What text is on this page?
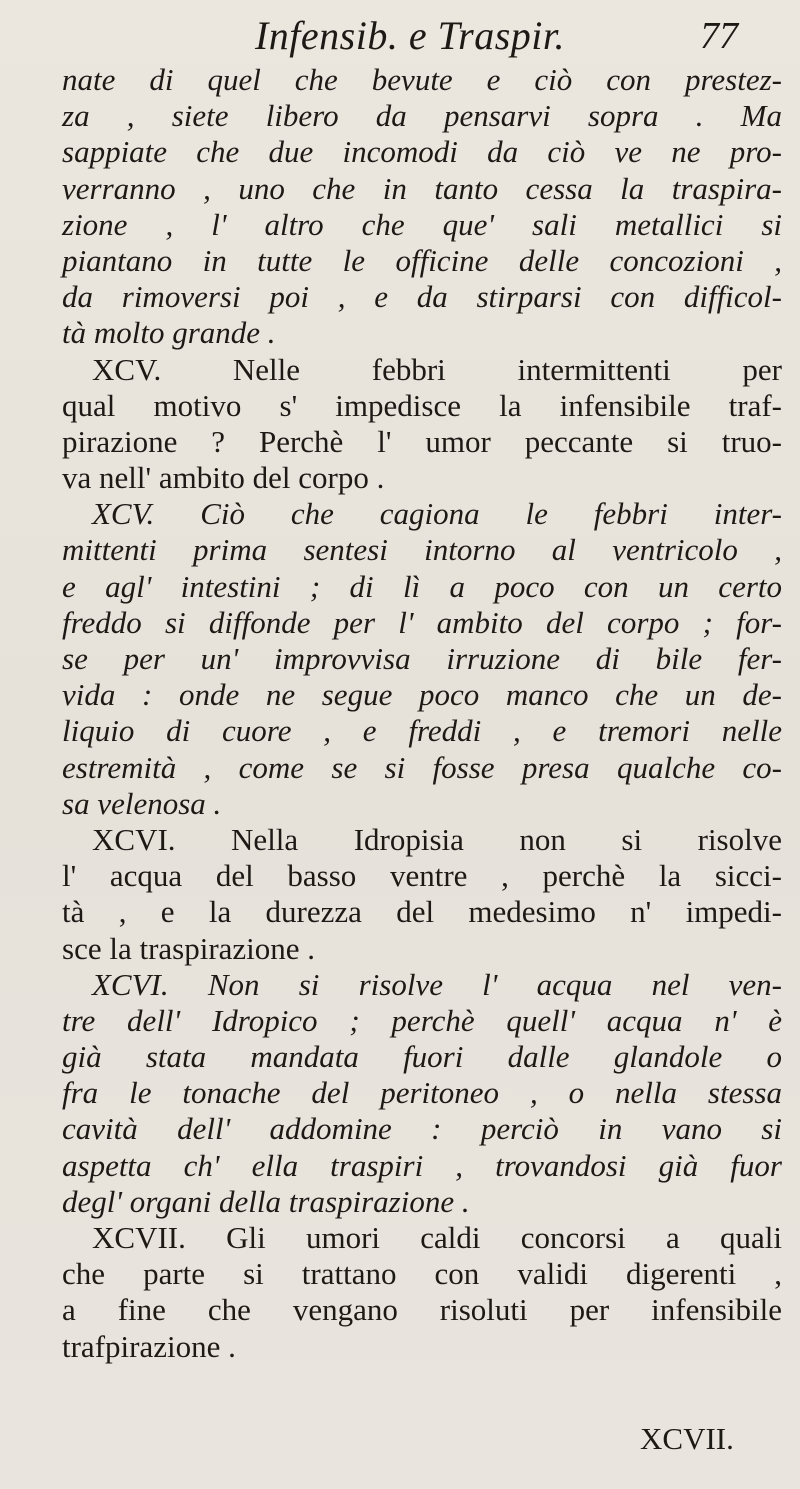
Infensib. e Traspir.	77
nate di quel che bevute e ciò con prestez-
za , siete libero da pensarvi sopra . Ma
sappiate che due incomodi da ciò ve ne pro-
verranno , uno che in tanto cessa la traspira-
zione , l' altro che que' sali metallici si
piantano in tutte le officine delle concozioni ,
da rimoversi poi , e da stirparsi con difficol-
tà molto grande .
XCV. Nelle febbri intermittenti per
qual motivo s' impedisce la infensibile traf-
pirazione ? Perchè l' umor peccante si truo-
va nell' ambito del corpo .
XCV. Ciò che cagiona le febbri inter-
mittenti prima sentesi intorno al ventricolo ,
e agl' intestini ; di lì a poco con un certo
freddo si diffonde per l' ambito del corpo ; for-
se per un' improvvisa irruzione di bile fer-
vida : onde ne segue poco manco che un de-
liquio di cuore , e freddi , e tremori nelle
estremità , come se si fosse presa qualche co-
sa velenosa .
XCVI. Nella Idropisia non si risolve
l' acqua del basso ventre , perchè la sicci-
tà , e la durezza del medesimo n' impedi-
sce la traspirazione .
XCVI. Non si risolve l' acqua nel ven-
tre dell' Idropico ; perchè quell' acqua n' è
già stata mandata fuori dalle glandole o
fra le tonache del peritoneo , o nella stessa
cavità dell' addomine : perciò in vano si
aspetta ch' ella traspiri , trovandosi già fuor
degl' organi della traspirazione .
XCVII. Gli umori caldi concorsi a quali
che parte si trattano con validi digerenti ,
a fine che vengano risoluti per infensibile
trafpirazione .
XCVII.
